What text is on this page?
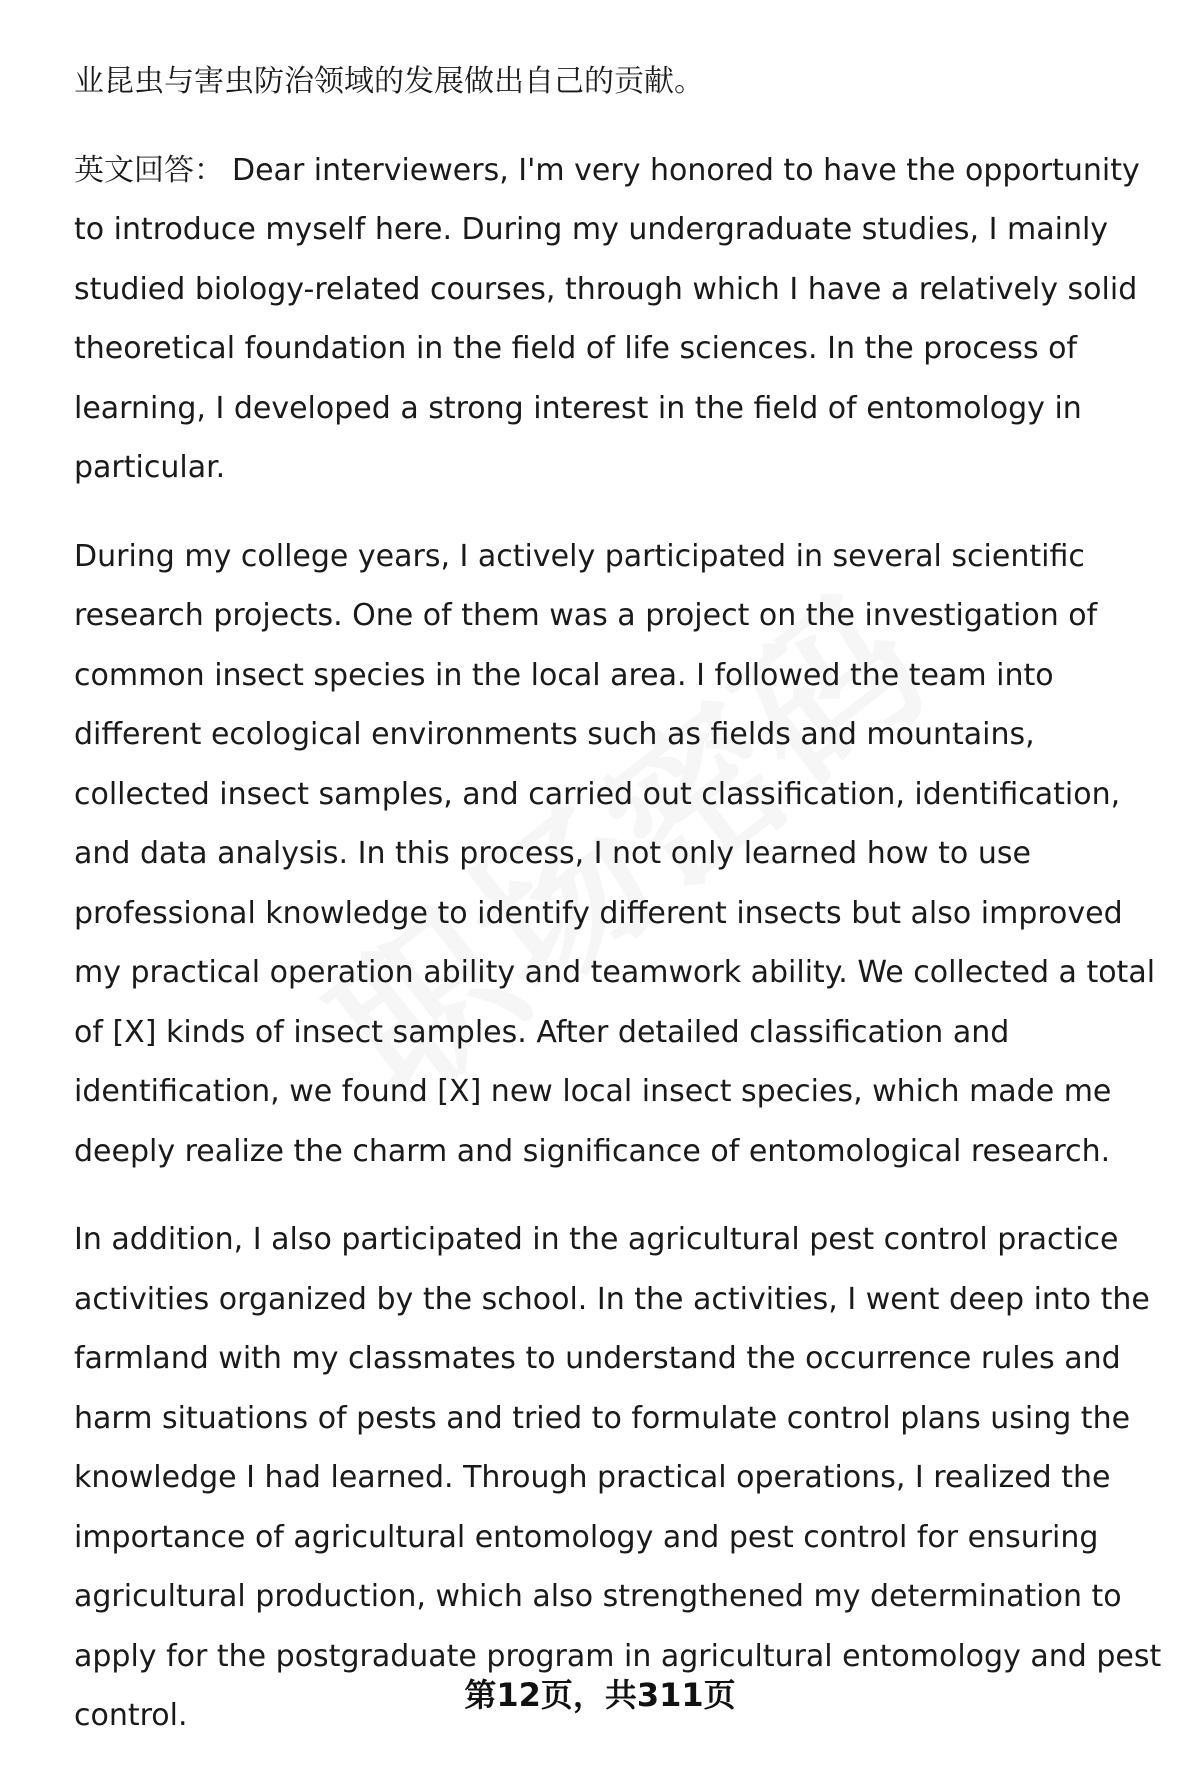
业昆虫与害虫防治领域的发展做出自己的贡献。

英文回答： Dear interviewers, I'm very honored to have the opportunity to introduce myself here. During my undergraduate studies, I mainly studied biology-related courses, through which I have a relatively solid theoretical foundation in the field of life sciences. In the process of learning, I developed a strong interest in the field of entomology in particular.

During my college years, I actively participated in several scientific research projects. One of them was a project on the investigation of common insect species in the local area. I followed the team into different ecological environments such as fields and mountains, collected insect samples, and carried out classification, identification, and data analysis. In this process, I not only learned how to use professional knowledge to identify different insects but also improved my practical operation ability and teamwork ability. We collected a total of [X] kinds of insect samples. After detailed classification and identification, we found [X] new local insect species, which made me deeply realize the charm and significance of entomological research.

In addition, I also participated in the agricultural pest control practice activities organized by the school. In the activities, I went deep into the farmland with my classmates to understand the occurrence rules and harm situations of pests and tried to formulate control plans using the knowledge I had learned. Through practical operations, I realized the importance of agricultural entomology and pest control for ensuring agricultural production, which also strengthened my determination to apply for the postgraduate program in agricultural entomology and pest control.

第12页，共311页
